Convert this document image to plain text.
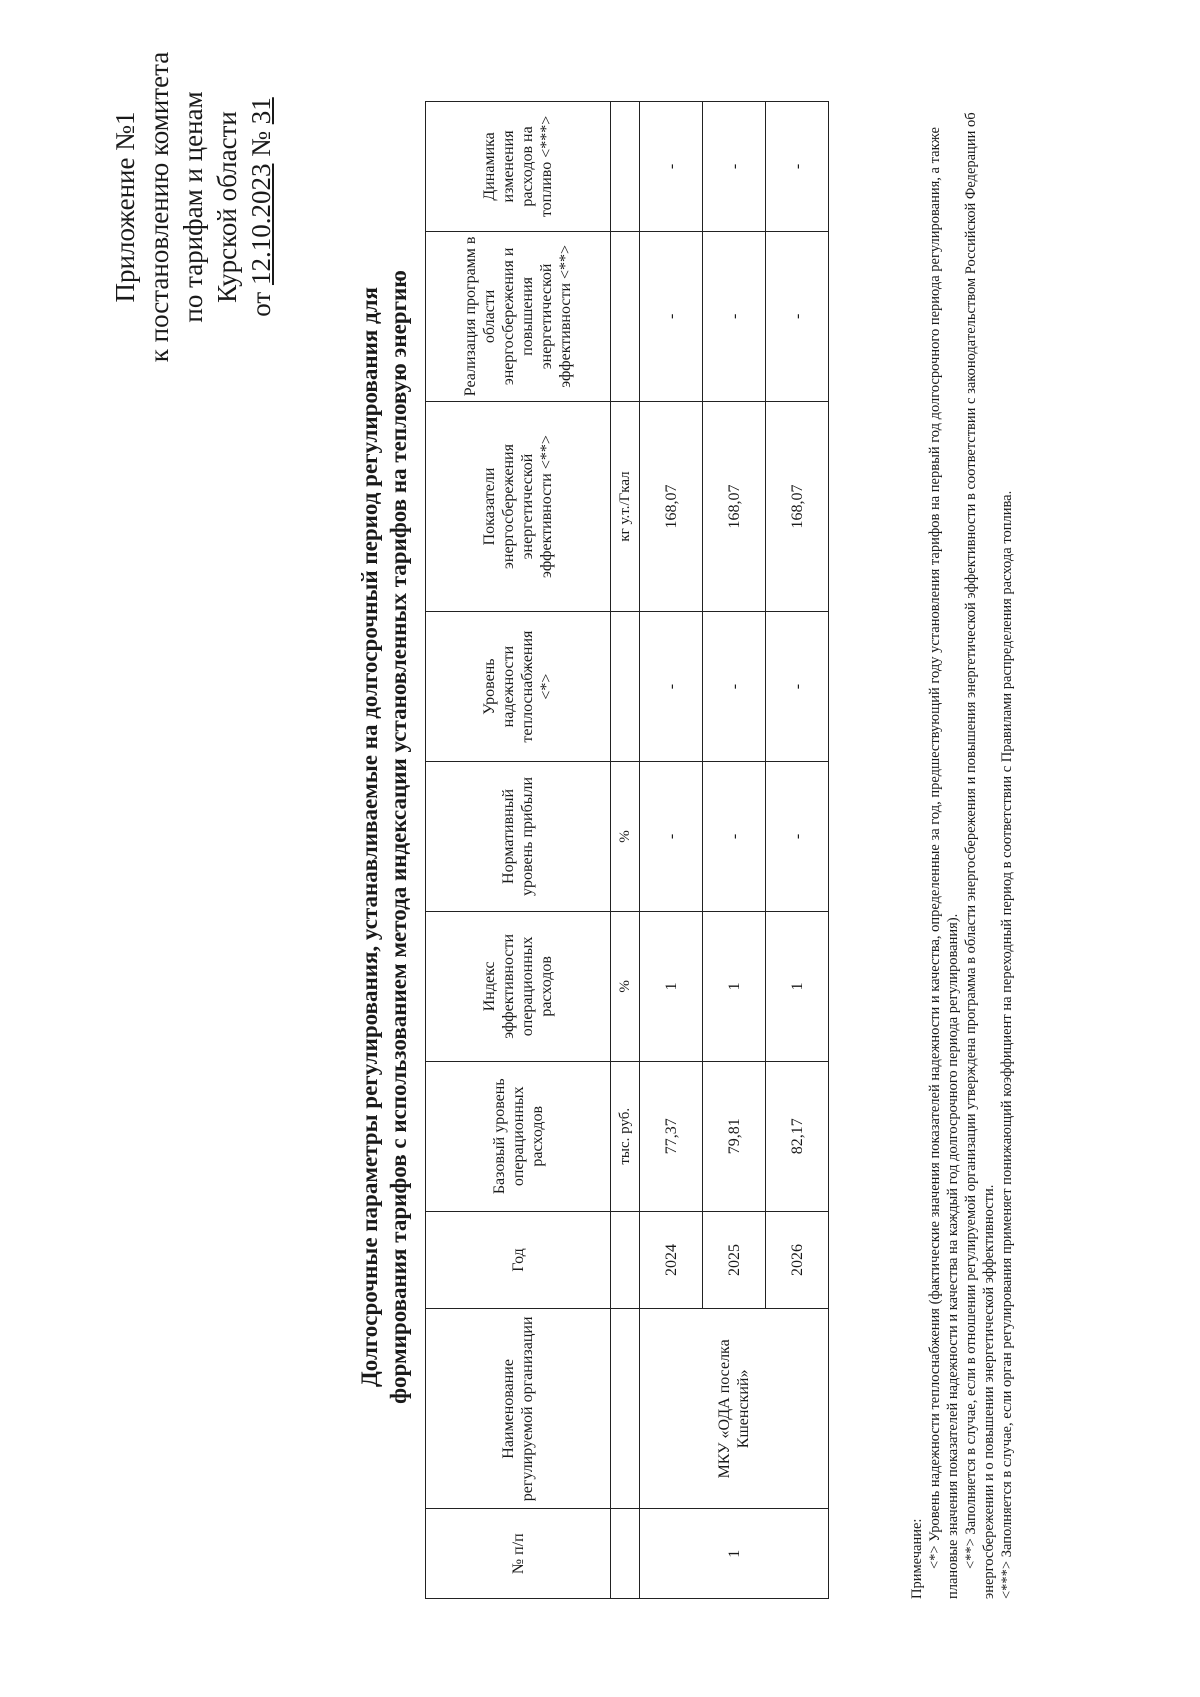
Приложение №1 к постановлению комитета по тарифам и ценам Курской области
от 12.10.2023 № 31
Долгосрочные параметры регулирования, устанавливаемые на долгосрочный период регулирования для формирования тарифов с использованием метода индексации установленных тарифов на тепловую энергию
№ п/п	Наименование регулируемой организации	Год	Базовый уровень операционных расходов	Индекс эффективности операционных расходов	Нормативный уровень прибыли	Уровень надежности теплоснабжения <*>	Показатели энергосбережения энергетической эффективности <**>	Реализация программ в области энергосбережения и повышения энергетической эффективности <**>	Динамика изменения расходов на топливо <***>
			тыс. руб.	%	%		кг у.т./Гкал		
1	МКУ «ОДА поселка Кшенский»	2024	77,37	1	-	-	168,07	-	-
		2025	79,81	1	-	-	168,07	-	-
		2026	82,17	1	-	-	168,07	-	-

Примечание: <*> Уровень надежности теплоснабжения (фактические значения показателей надежности и качества, определенные за год, предшествующий году установления тарифов на первый год долгосрочного периода регулирования, а также плановые значения показателей надежности и качества на каждый год долгосрочного периода регулирования). <**> Заполняется в случае, если в отношении регулируемой организации утверждена программа в области энергосбережения и повышения энергетической эффективности в соответствии с законодательством Российской Федерации об энергосбережении и о повышении энергетической эффективности. <***> Заполняется в случае, если орган регулирования применяет понижающий коэффициент на переходный период в соответствии с Правилами распределения расхода топлива.
